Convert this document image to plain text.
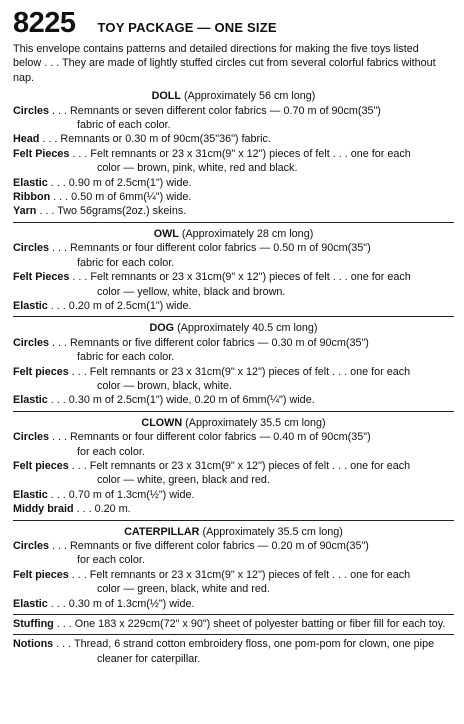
8225 TOY PACKAGE — ONE SIZE
This envelope contains patterns and detailed directions for making the five toys listed
below . . . They are made of lightly stuffed circles cut from several colorful fabrics without
nap.
DOLL (Approximately 56 cm long)
Circles . . . Remnants or seven different color fabrics — 0.70 m of 90cm(35")
fabric of each color.
Head . . . Remnants or 0.30 m of 90cm(35"36") fabric.
Felt Pieces . . . Felt remnants or 23 x 31cm(9" x 12") pieces of felt . . . one for each
color — brown, pink, white, red and black.
Elastic . . . 0.90 m of 2.5cm(1") wide.
Ribbon . . . 0.50 m of 6mm(¼") wide.
Yarn . . . Two 56grams(2oz.) skeins.
OWL (Approximately 28 cm long)
Circles . . . Remnants or four different color fabrics — 0.50 m of 90cm(35")
fabric for each color.
Felt Pieces . . . Felt remnants or 23 x 31cm(9" x 12") pieces of felt . . . one for each
color — yellow, white, black and brown.
Elastic . . . 0.20 m of 2.5cm(1") wide.
DOG (Approximately 40.5 cm long)
Circles . . . Remnants or five different color fabrics — 0.30 m of 90cm(35")
fabric for each color.
Felt pieces . . . Felt remnants or 23 x 31cm(9" x 12") pieces of felt . . . one for each
color — brown, black, white.
Elastic . . . 0.30 m of 2.5cm(1") wide, 0.20 m of 6mm(¼") wide.
CLOWN (Approximately 35.5 cm long)
Circles . . . Remnants or four different color fabrics — 0.40 m of 90cm(35")
for each color.
Felt pieces . . . Felt remnants or 23 x 31cm(9" x 12") pieces of felt . . . one for each
color — white, green, black and red.
Elastic . . . 0.70 m of 1.3cm(½") wide.
Middy braid . . . 0.20 m.
CATERPILLAR (Approximately 35.5 cm long)
Circles . . . Remnants or five different color fabrics — 0.20 m of 90cm(35")
for each color.
Felt pieces . . . Felt remnants or 23 x 31cm(9" x 12") pieces of felt . . . one for each
color — green, black, white and red.
Elastic . . . 0.30 m of 1.3cm(½") wide.
Stuffing . . . One 183 x 229cm(72" x 90") sheet of polyester batting or fiber fill for each toy.
Notions . . . Thread, 6 strand cotton embroidery floss, one pom-pom for clown, one pipe
cleaner for caterpillar.
